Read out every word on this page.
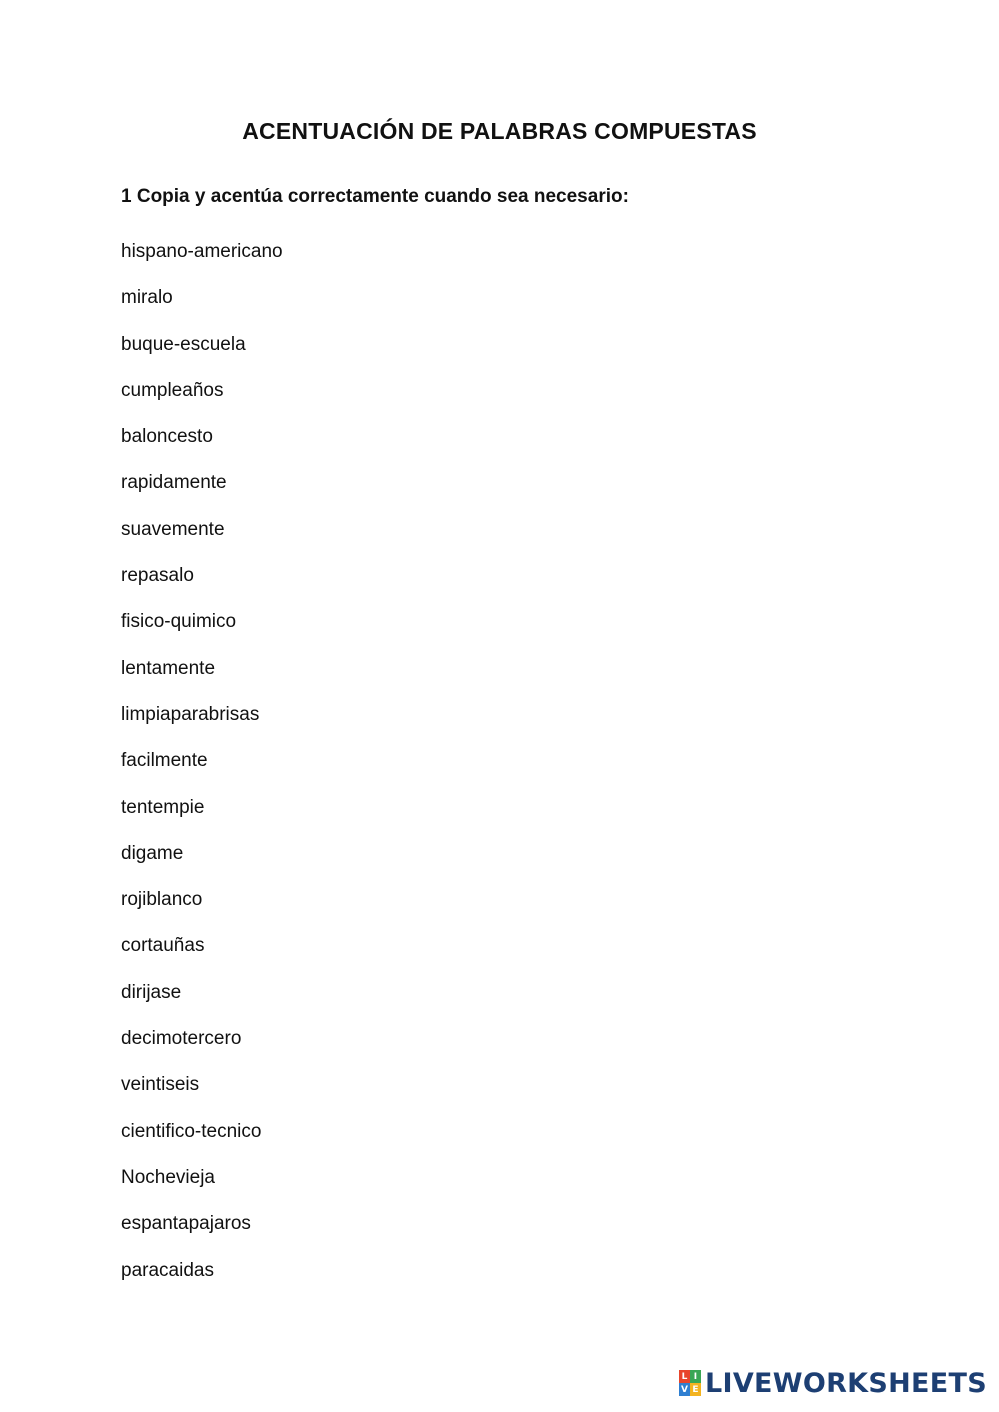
ACENTUACIÓN DE PALABRAS COMPUESTAS
1 Copia y acentúa correctamente cuando sea necesario:
hispano-americano
miralo
buque-escuela
cumpleaños
baloncesto
rapidamente
suavemente
repasalo
fisico-quimico
lentamente
limpiaparabrisas
facilmente
tentempie
digame
rojiblanco
cortauñas
dirijase
decimotercero
veintiseis
cientifico-tecnico
Nochevieja
espantapajaros
paracaidas
L I
V E LIVEWORKSHEETS
